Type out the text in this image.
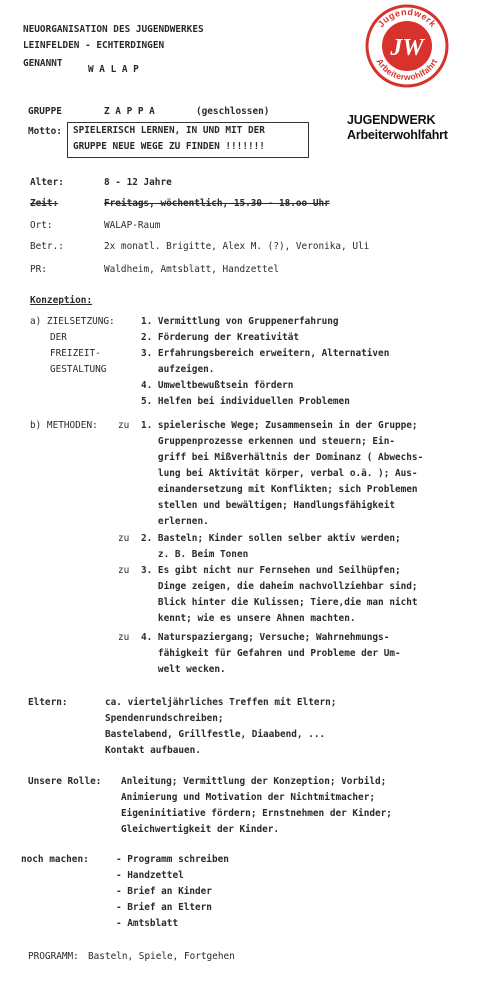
NEUORGANISATION DES JUGENDWERKES
LEINFELDEN - ECHTERDINGEN
GENANNT
W A L A P
Jugendwerk
Arbeiterwohlfahrt
JW
GRUPPE	Z A P P A	(geschlossen)
JUGENDWERK
Arbeiterwohlfahrt
Motto: SPIELERISCH LERNEN, IN UND MIT DER
GRUPPE NEUE WEGE ZU FINDEN !!!!!!!
Alter:	8 - 12 Jahre
Zeit:	Freitags, wöchentlich, 15.30 - 18.oo Uhr
Ort:	WALAP-Raum
Betr.:	2x monatl. Brigitte, Alex M. (?), Veronika, Uli
PR:	Waldheim, Amtsblatt, Handzettel
Konzeption:
a) ZIELSETZUNG:
DER
FREIZEIT-
GESTALTUNG
1. Vermittlung von Gruppenerfahrung
2. Förderung der Kreativität
3. Erfahrungsbereich erweitern, Alternativen
aufzeigen.
4. Umweltbewußtsein fördern
5. Helfen bei individuellen Problemen
b) METHODEN: zu 1. spielerische Wege; Zusammensein in der Gruppe;
Gruppenprozesse erkennen und steuern; Ein-
griff bei Mißverhältnis der Dominanz ( Abwechs-
lung bei Aktivität körper, verbal o.ä. ); Aus-
einandersetzung mit Konflikten; sich Problemen
stellen und bewältigen; Handlungsfähigkeit
erlernen.
zu 2. Basteln; Kinder sollen selber aktiv werden;
z. B. Beim Tonen
zu 3. Es gibt nicht nur Fernsehen und Seilhüpfen;
Dinge zeigen, die daheim nachvollziehbar sind;
Blick hinter die Kulissen; Tiere,die man nicht
kennt; wie es unsere Ahnen machten.
zu 4. Naturspaziergang; Versuche; Wahrnehmungs-
fähigkeit für Gefahren und Probleme der Um-
welt wecken.
Eltern:	ca. vierteljährliches Treffen mit Eltern;
Spendenrundschreiben;
Bastelabend, Grillfestle, Diaabend, ...
Kontakt aufbauen.
Unsere Rolle: Anleitung; Vermittlung der Konzeption; Vorbild;
Animierung und Motivation der Nichtmitmacher;
Eigeninitiative fördern; Ernstnehmen der Kinder;
Gleichwertigkeit der Kinder.
noch machen:	- Programm schreiben
- Handzettel
- Brief an Kinder
- Brief an Eltern
- Amtsblatt
PROGRAMM: Basteln, Spiele, Fortgehen
